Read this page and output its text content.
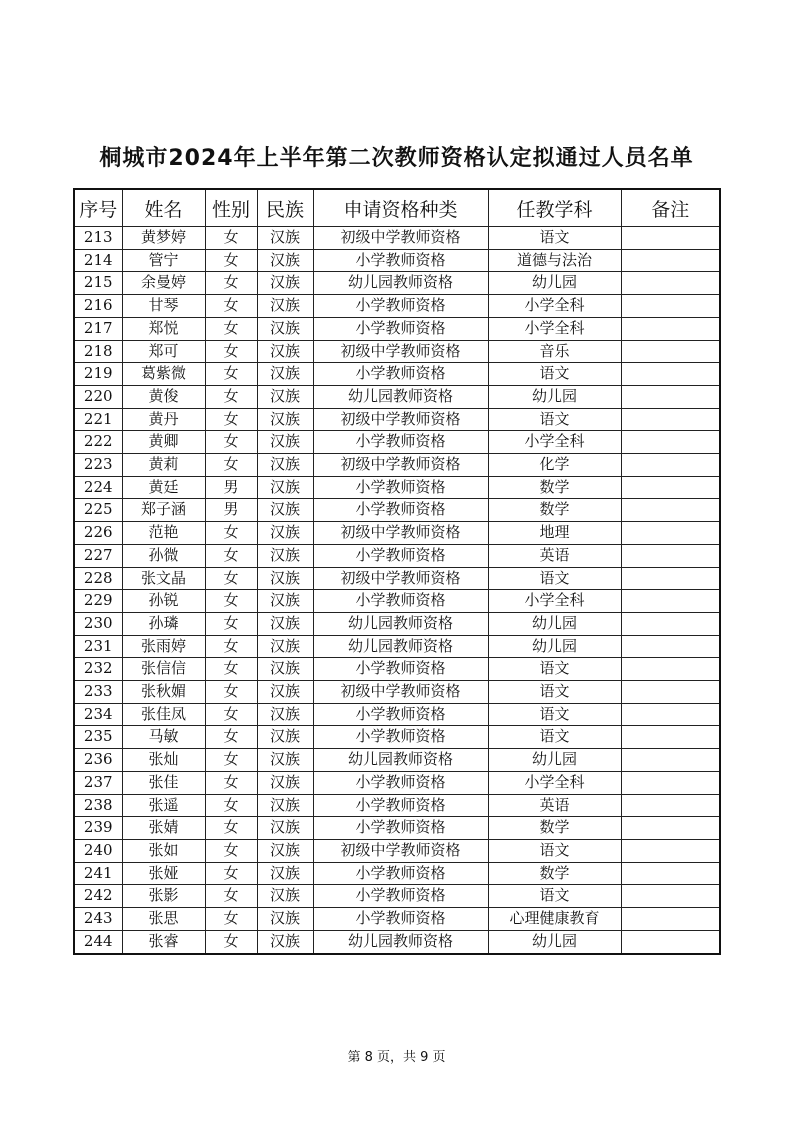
桐城市2024年上半年第二次教师资格认定拟通过人员名单
序号	姓名	性别	民族	申请资格种类	任教学科	备注
213	黄梦婷	女	汉族	初级中学教师资格	语文	
214	管宁	女	汉族	小学教师资格	道德与法治	
215	余曼婷	女	汉族	幼儿园教师资格	幼儿园	
216	甘琴	女	汉族	小学教师资格	小学全科	
217	郑悦	女	汉族	小学教师资格	小学全科	
218	郑可	女	汉族	初级中学教师资格	音乐	
219	葛紫微	女	汉族	小学教师资格	语文	
220	黄俊	女	汉族	幼儿园教师资格	幼儿园	
221	黄丹	女	汉族	初级中学教师资格	语文	
222	黄卿	女	汉族	小学教师资格	小学全科	
223	黄莉	女	汉族	初级中学教师资格	化学	
224	黄廷	男	汉族	小学教师资格	数学	
225	郑子涵	男	汉族	小学教师资格	数学	
226	范艳	女	汉族	初级中学教师资格	地理	
227	孙微	女	汉族	小学教师资格	英语	
228	张文晶	女	汉族	初级中学教师资格	语文	
229	孙锐	女	汉族	小学教师资格	小学全科	
230	孙璘	女	汉族	幼儿园教师资格	幼儿园	
231	张雨婷	女	汉族	幼儿园教师资格	幼儿园	
232	张信信	女	汉族	小学教师资格	语文	
233	张秋媚	女	汉族	初级中学教师资格	语文	
234	张佳凤	女	汉族	小学教师资格	语文	
235	马敏	女	汉族	小学教师资格	语文	
236	张灿	女	汉族	幼儿园教师资格	幼儿园	
237	张佳	女	汉族	小学教师资格	小学全科	
238	张遥	女	汉族	小学教师资格	英语	
239	张婧	女	汉族	小学教师资格	数学	
240	张如	女	汉族	初级中学教师资格	语文	
241	张娅	女	汉族	小学教师资格	数学	
242	张影	女	汉族	小学教师资格	语文	
243	张思	女	汉族	小学教师资格	心理健康教育	
244	张睿	女	汉族	幼儿园教师资格	幼儿园	
第 8 页，共 9 页
